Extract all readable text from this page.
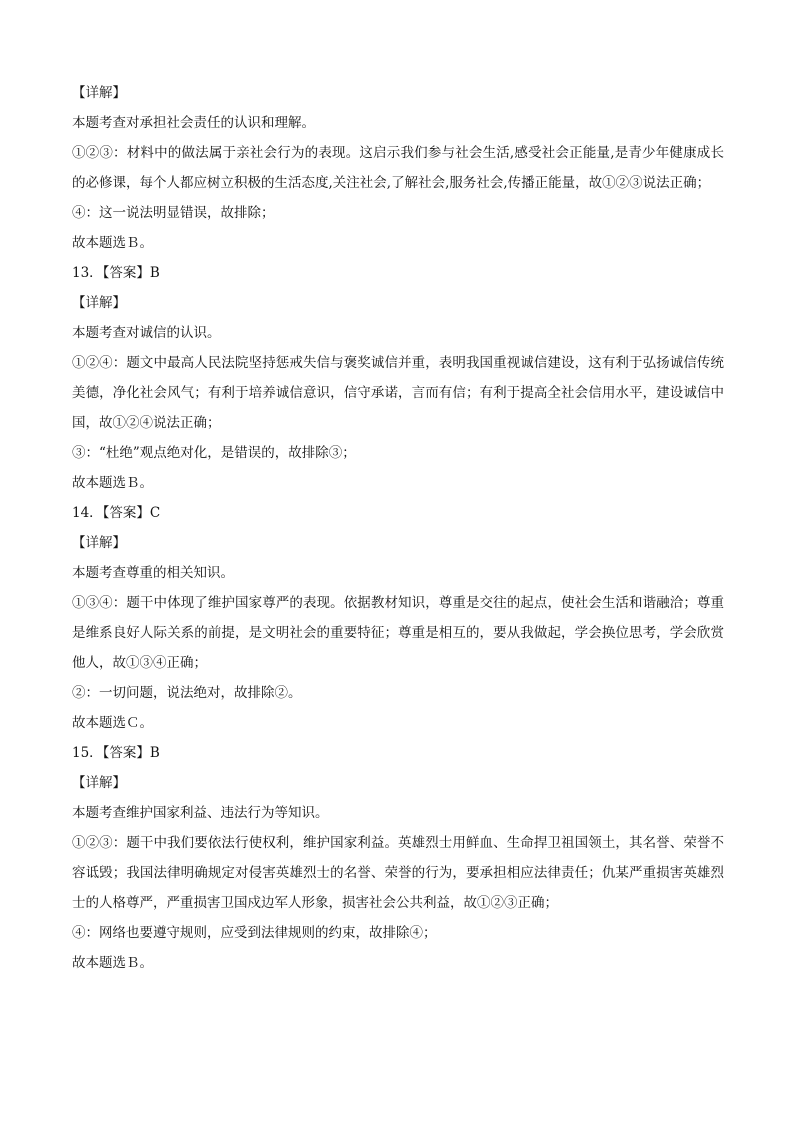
【详解】
本题考查对承担社会责任的认识和理解。
①②③：材料中的做法属于亲社会行为的表现。这启示我们参与社会生活,感受社会正能量,是青少年健康成长的必修课，每个人都应树立积极的生活态度,关注社会,了解社会,服务社会,传播正能量，故①②③说法正确；
④：这一说法明显错误，故排除；
故本题选Ｂ。
13．【答案】B
【详解】
本题考查对诚信的认识。
①②④：题文中最高人民法院坚持惩戒失信与褒奖诚信并重，表明我国重视诚信建设，这有利于弘扬诚信传统美德，净化社会风气；有利于培养诚信意识，信守承诺，言而有信；有利于提高全社会信用水平，建设诚信中国，故①②④说法正确；
③：“杜绝”观点绝对化，是错误的，故排除③；
故本题选Ｂ。
14．【答案】C
【详解】
本题考查尊重的相关知识。
①③④：题干中体现了维护国家尊严的表现。依据教材知识，尊重是交往的起点，使社会生活和谐融洽；尊重是维系良好人际关系的前提，是文明社会的重要特征；尊重是相互的，要从我做起，学会换位思考，学会欣赏他人，故①③④正确；
②：一切问题，说法绝对，故排除②。
故本题选Ｃ。
15．【答案】B
【详解】
本题考查维护国家利益、违法行为等知识。
①②③：题干中我们要依法行使权利，维护国家利益。英雄烈士用鲜血、生命捍卫祖国领土，其名誉、荣誉不容诋毁；我国法律明确规定对侵害英雄烈士的名誉、荣誉的行为，要承担相应法律责任；仇某严重损害英雄烈士的人格尊严，严重损害卫国戍边军人形象，损害社会公共利益，故①②③正确；
④：网络也要遵守规则，应受到法律规则的约束，故排除④；
故本题选Ｂ。
